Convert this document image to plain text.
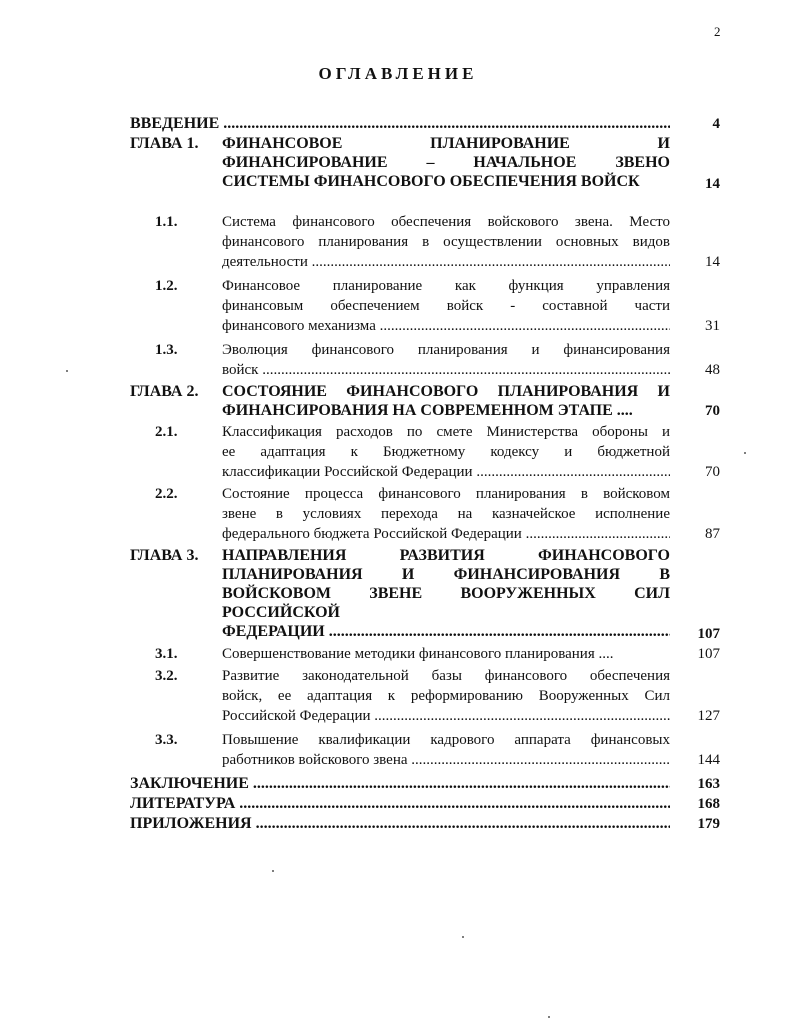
2
ОГЛАВЛЕНИЕ
ВВЕДЕНИЕ .....	4
ГЛАВА 1. ФИНАНСОВОЕ ПЛАНИРОВАНИЕ И
ФИНАНСИРОВАНИЕ – НАЧАЛЬНОЕ ЗВЕНО
СИСТЕМЫ ФИНАНСОВОГО ОБЕСПЕЧЕНИЯ ВОЙСК	14
1.1.	Система финансового обеспечения войскового звена. Место
финансового планирования в осуществлении основных видов
деятельности .....	14
1.2.	Финансовое планирование как функция управления
финансовым обеспечением войск - составной части
финансового механизма .....	31
1.3.	Эволюция финансового планирования и финансирования
войск .....	48
ГЛАВА 2. СОСТОЯНИЕ ФИНАНСОВОГО ПЛАНИРОВАНИЯ И
ФИНАНСИРОВАНИЯ НА СОВРЕМЕННОМ ЭТАПЕ ....	70
2.1.	Классификация расходов по смете Министерства обороны и
ее адаптация к Бюджетному кодексу и бюджетной
классификации Российской Федерации .....	70
2.2.	Состояние процесса финансового планирования в войсковом
звене в условиях перехода на казначейское исполнение
федерального бюджета Российской Федерации .....	87
ГЛАВА 3. НАПРАВЛЕНИЯ РАЗВИТИЯ ФИНАНСОВОГО
ПЛАНИРОВАНИЯ И ФИНАНСИРОВАНИЯ В
ВОЙСКОВОМ ЗВЕНЕ ВООРУЖЕННЫХ СИЛ
РОССИЙСКОЙ
ФЕДЕРАЦИИ .....	107
3.1.	Совершенствование методики финансового планирования ....	107
3.2.	Развитие законодательной базы финансового обеспечения
войск, ее адаптация к реформированию Вооруженных Сил
Российской Федерации .....	127
3.3.	Повышение квалификации кадрового аппарата финансовых
работников войскового звена .....	144
ЗАКЛЮЧЕНИЕ .....	163
ЛИТЕРАТУРА .....	168
ПРИЛОЖЕНИЯ .....	179
